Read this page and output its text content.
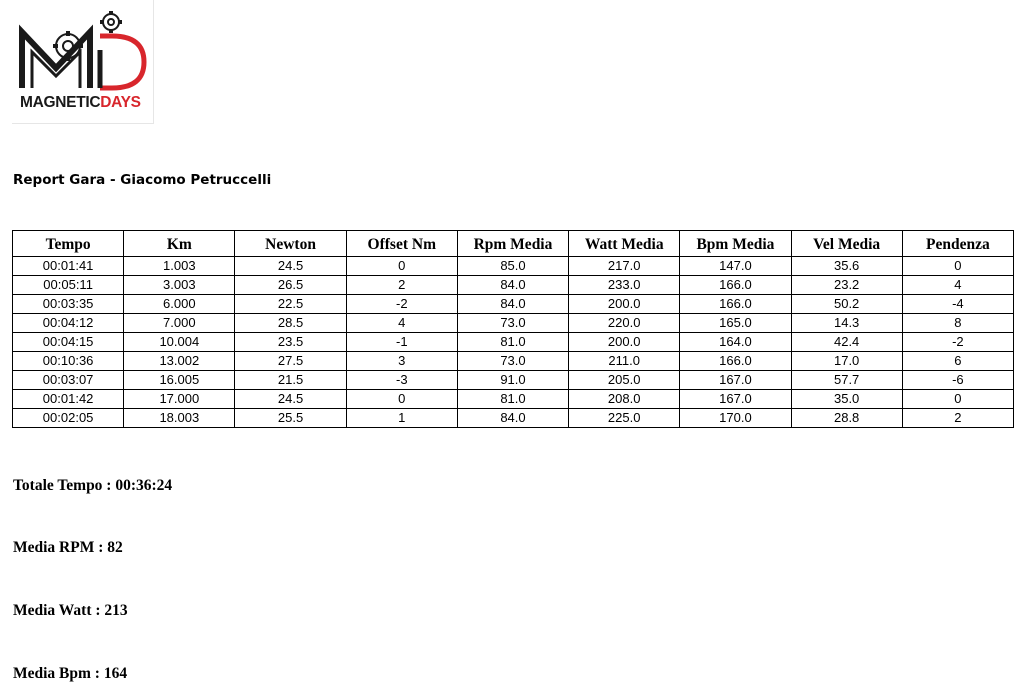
MAGNETICDAYS
Report Gara - Giacomo Petruccelli
Tempo	Km	Newton	Offset Nm	Rpm Media	Watt Media	Bpm Media	Vel Media	Pendenza
00:01:41	1.003	24.5	0	85.0	217.0	147.0	35.6	0
00:05:11	3.003	26.5	2	84.0	233.0	166.0	23.2	4
00:03:35	6.000	22.5	-2	84.0	200.0	166.0	50.2	-4
00:04:12	7.000	28.5	4	73.0	220.0	165.0	14.3	8
00:04:15	10.004	23.5	-1	81.0	200.0	164.0	42.4	-2
00:10:36	13.002	27.5	3	73.0	211.0	166.0	17.0	6
00:03:07	16.005	21.5	-3	91.0	205.0	167.0	57.7	-6
00:01:42	17.000	24.5	0	81.0	208.0	167.0	35.0	0
00:02:05	18.003	25.5	1	84.0	225.0	170.0	28.8	2
Totale Tempo : 00:36:24
Media RPM : 82
Media Watt : 213
Media Bpm : 164
